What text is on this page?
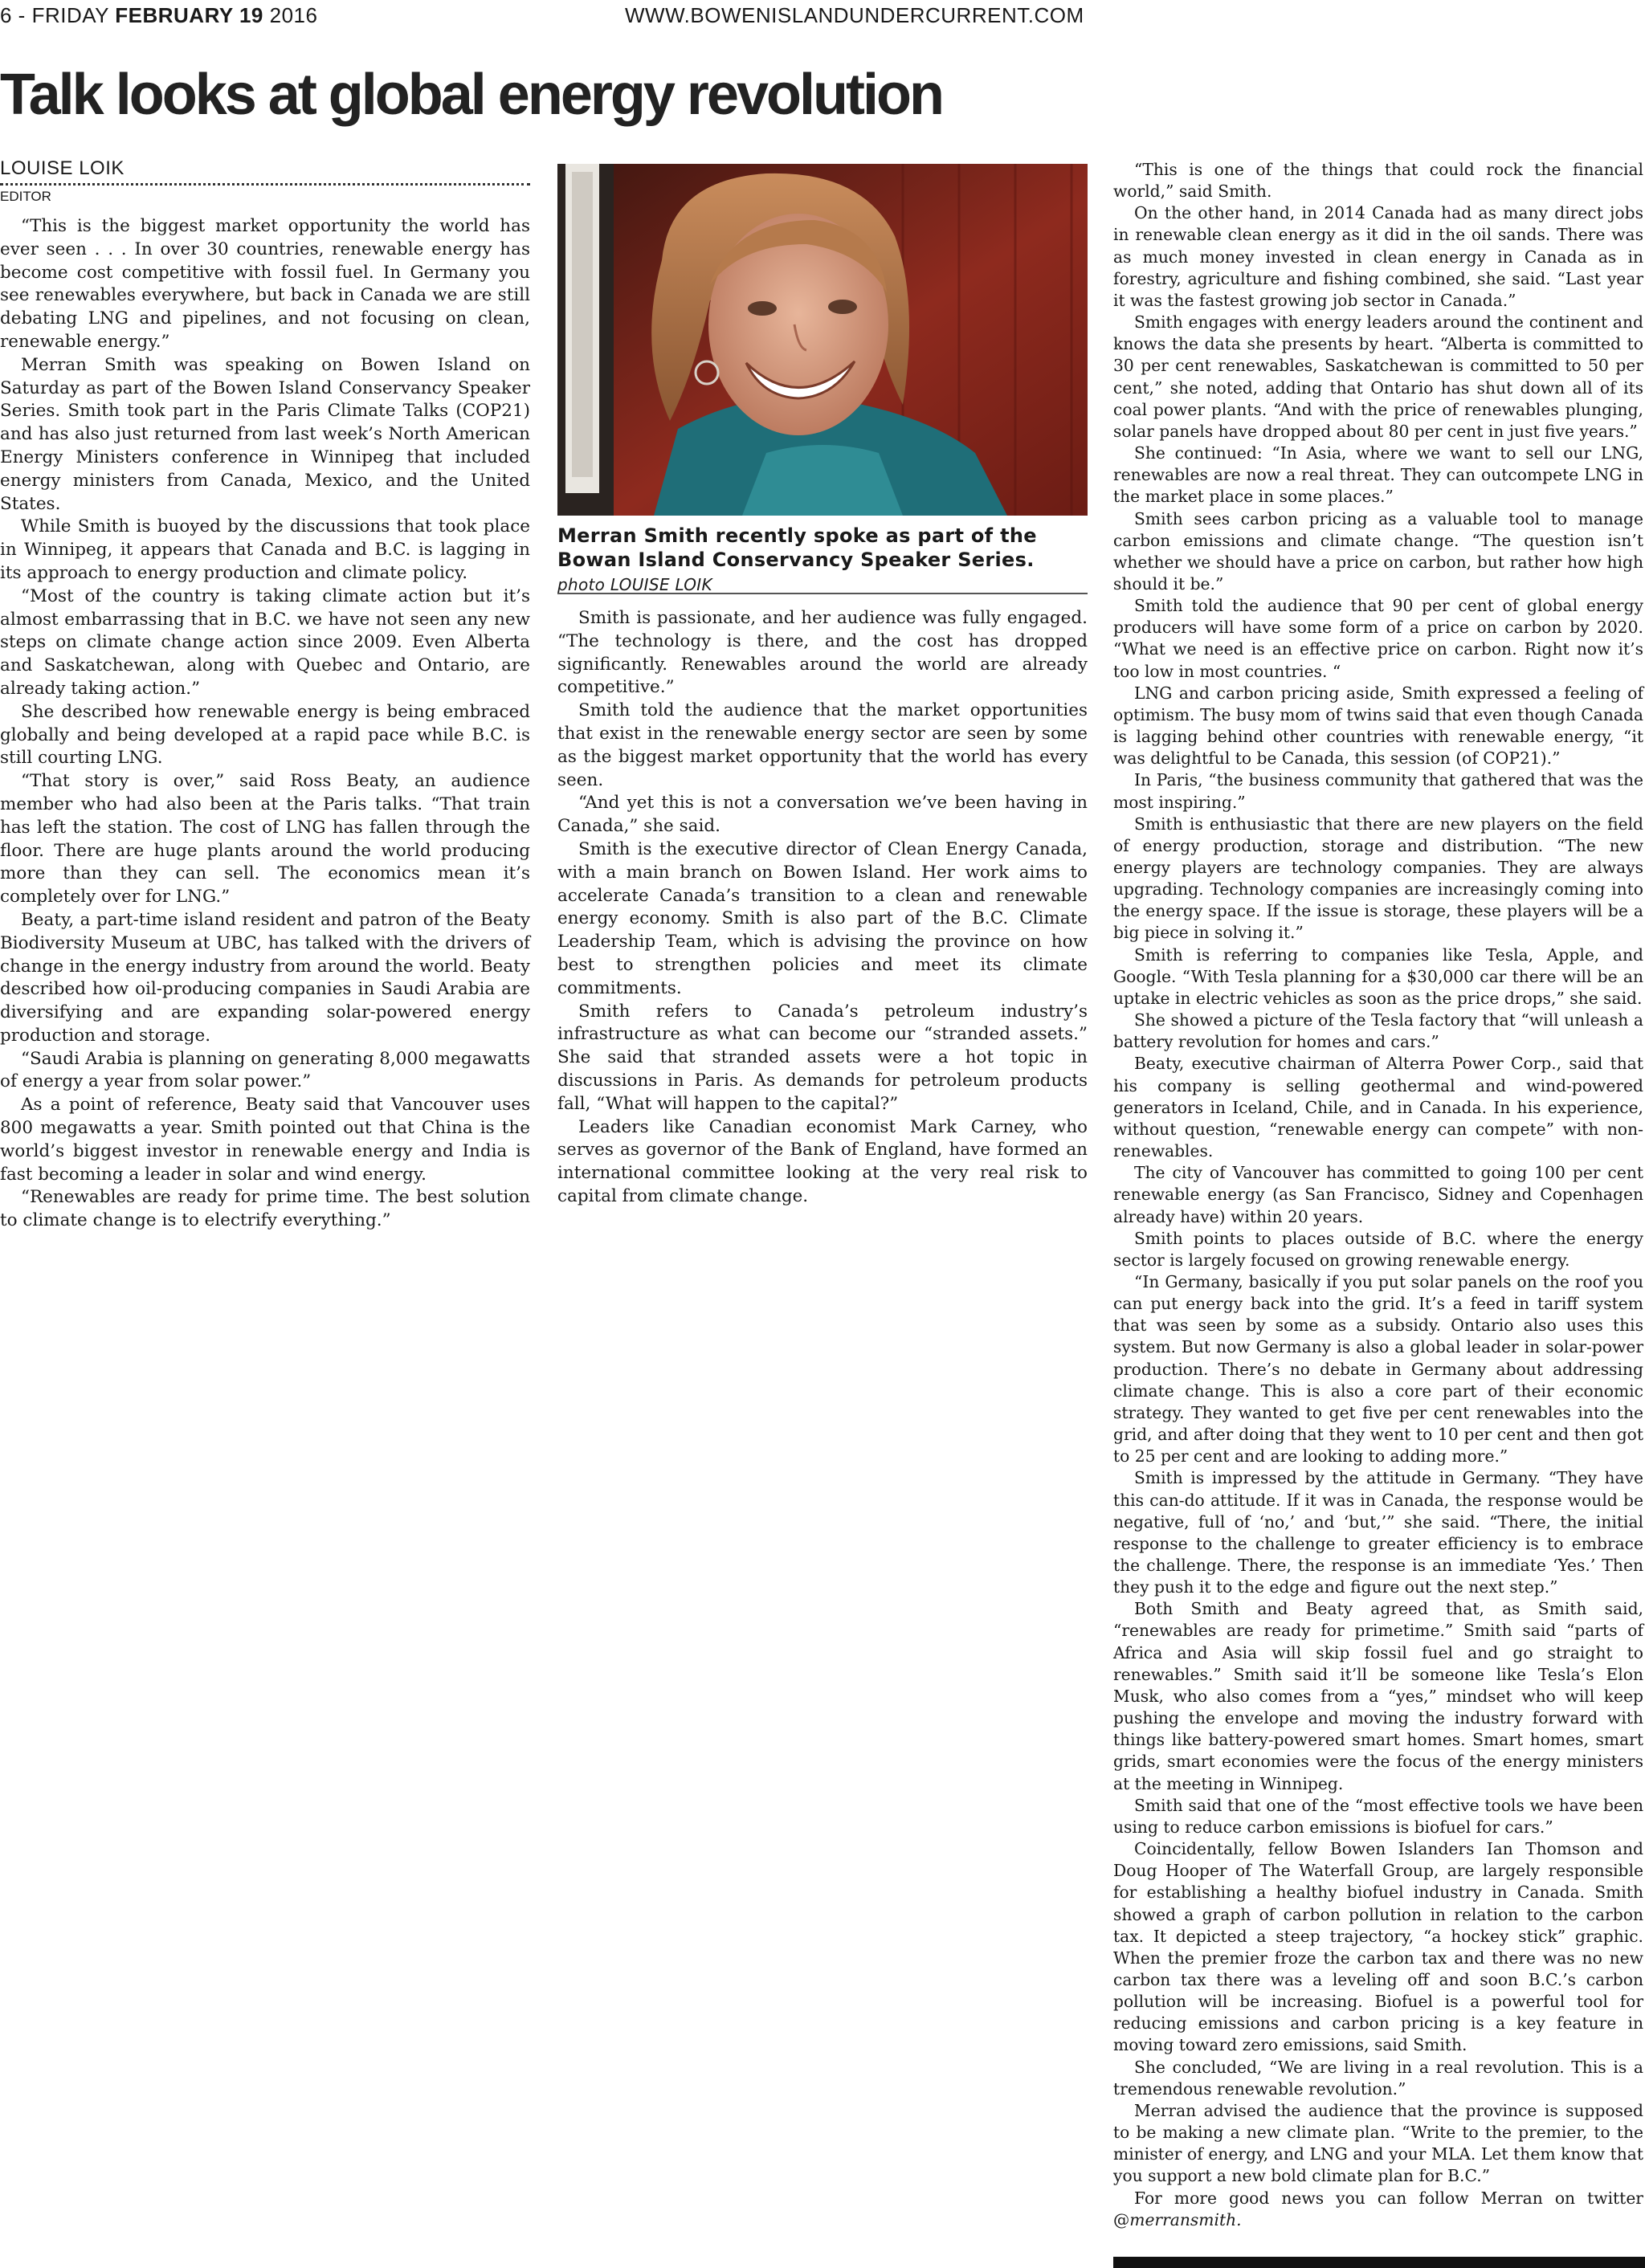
6 - FRIDAY FEBRUARY 19 2016	WWW.BOWENISLANDUNDERCURRENT.COM
Talk looks at global energy revolution
LOUISE LOIK
EDITOR

“This is the biggest market opportunity the world has ever seen . . . In over 30 countries, renewable energy has become cost competitive with fossil fuel. In Germany you see renewables everywhere, but back in Canada we are still debating LNG and pipelines, and not focusing on clean, renewable energy.”

Merran Smith was speaking on Bowen Island on Saturday as part of the Bowen Island Conservancy Speaker Series. Smith took part in the Paris Climate Talks (COP21) and has also just returned from last week’s North American Energy Ministers conference in Winnipeg that included energy ministers from Canada, Mexico, and the United States.

While Smith is buoyed by the discussions that took place in Winnipeg, it appears that Canada and B.C. is lagging in its approach to energy production and climate policy.

“Most of the country is taking climate action but it’s almost embarrassing that in B.C. we have not seen any new steps on climate change action since 2009. Even Alberta and Saskatchewan, along with Quebec and Ontario, are already taking action.”

She described how renewable energy is being embraced globally and being developed at a rapid pace while B.C. is still courting LNG.

“That story is over,” said Ross Beaty, an audience member who had also been at the Paris talks. “That train has left the station. The cost of LNG has fallen through the floor. There are huge plants around the world producing more than they can sell. The economics mean it’s completely over for LNG.”

Beaty, a part-time island resident and patron of the Beaty Biodiversity Museum at UBC, has talked with the drivers of change in the energy industry from around the world. Beaty described how oil-producing companies in Saudi Arabia are diversifying and are expanding solar-powered energy production and storage.

“Saudi Arabia is planning on generating 8,000 megawatts of energy a year from solar power.”

As a point of reference, Beaty said that Vancouver uses 800 megawatts a year. Smith pointed out that China is the world’s biggest investor in renewable energy and India is fast becoming a leader in solar and wind energy.

“Renewables are ready for prime time. The best solution to climate change is to electrify everything.”

Merran Smith recently spoke as part of the Bowan Island Conservancy Speaker Series. photo LOUISE LOIK

Smith is passionate, and her audience was fully engaged. “The technology is there, and the cost has dropped significantly. Renewables around the world are already competitive.”

Smith told the audience that the market opportunities that exist in the renewable energy sector are seen by some as the biggest market opportunity that the world has every seen.

“And yet this is not a conversation we’ve been having in Canada,” she said.

Smith is the executive director of Clean Energy Canada, with a main branch on Bowen Island. Her work aims to accelerate Canada’s transition to a clean and renewable energy economy. Smith is also part of the B.C. Climate Leadership Team, which is advising the province on how best to strengthen policies and meet its climate commitments.

Smith refers to Canada’s petroleum industry’s infrastructure as what can become our “stranded assets.” She said that stranded assets were a hot topic in discussions in Paris. As demands for petroleum products fall, “What will happen to the capital?”

Leaders like Canadian economist Mark Carney, who serves as governor of the Bank of England, have formed an international committee looking at the very real risk to capital from climate change.

“This is one of the things that could rock the financial world,” said Smith.

On the other hand, in 2014 Canada had as many direct jobs in renewable clean energy as it did in the oil sands. There was as much money invested in clean energy in Canada as in forestry, agriculture and fishing combined, she said. “Last year it was the fastest growing job sector in Canada.”

Smith engages with energy leaders around the continent and knows the data she presents by heart. “Alberta is committed to 30 per cent renewables, Saskatchewan is committed to 50 per cent,” she noted, adding that Ontario has shut down all of its coal power plants. “And with the price of renewables plunging, solar panels have dropped about 80 per cent in just five years.”

She continued: “In Asia, where we want to sell our LNG, renewables are now a real threat. They can outcompete LNG in the market place in some places.”

Smith sees carbon pricing as a valuable tool to manage carbon emissions and climate change. “The question isn’t whether we should have a price on carbon, but rather how high should it be.”

Smith told the audience that 90 per cent of global energy producers will have some form of a price on carbon by 2020. “What we need is an effective price on carbon. Right now it’s too low in most countries. “

LNG and carbon pricing aside, Smith expressed a feeling of optimism. The busy mom of twins said that even though Canada is lagging behind other countries with renewable energy, “it was delightful to be Canada, this session (of COP21).”

In Paris, “the business community that gathered that was the most inspiring.”

Smith is enthusiastic that there are new players on the field of energy production, storage and distribution. “The new energy players are technology companies. They are always upgrading. Technology companies are increasingly coming into the energy space. If the issue is storage, these players will be a big piece in solving it.”

Smith is referring to companies like Tesla, Apple, and Google. “With Tesla planning for a $30,000 car there will be an uptake in electric vehicles as soon as the price drops,” she said.

She showed a picture of the Tesla factory that “will unleash a battery revolution for homes and cars.”

Beaty, executive chairman of Alterra Power Corp., said that his company is selling geothermal and wind-powered generators in Iceland, Chile, and in Canada. In his experience, without question, “renewable energy can compete” with non-renewables.

The city of Vancouver has committed to going 100 per cent renewable energy (as San Francisco, Sidney and Copenhagen already have) within 20 years.

Smith points to places outside of B.C. where the energy sector is largely focused on growing renewable energy.

“In Germany, basically if you put solar panels on the roof you can put energy back into the grid. It’s a feed in tariff system that was seen by some as a subsidy. Ontario also uses this system. But now Germany is also a global leader in solar-power production. There’s no debate in Germany about addressing climate change. This is also a core part of their economic strategy. They wanted to get five per cent renewables into the grid, and after doing that they went to 10 per cent and then got to 25 per cent and are looking to adding more.”

Smith is impressed by the attitude in Germany. “They have this can-do attitude. If it was in Canada, the response would be negative, full of ‘no,’ and ‘but,’” she said. “There, the initial response to the challenge to greater efficiency is to embrace the challenge. There, the response is an immediate ‘Yes.’ Then they push it to the edge and figure out the next step.”

Both Smith and Beaty agreed that, as Smith said, “renewables are ready for primetime.” Smith said “parts of Africa and Asia will skip fossil fuel and go straight to renewables.” Smith said it’ll be someone like Tesla’s Elon Musk, who also comes from a “yes,” mindset who will keep pushing the envelope and moving the industry forward with things like battery-powered smart homes. Smart homes, smart grids, smart economies were the focus of the energy ministers at the meeting in Winnipeg.

Smith said that one of the “most effective tools we have been using to reduce carbon emissions is biofuel for cars.”

Coincidentally, fellow Bowen Islanders Ian Thomson and Doug Hooper of The Waterfall Group, are largely responsible for establishing a healthy biofuel industry in Canada. Smith showed a graph of carbon pollution in relation to the carbon tax. It depicted a steep trajectory, “a hockey stick” graphic. When the premier froze the carbon tax and there was no new carbon tax there was a leveling off and soon B.C.’s carbon pollution will be increasing. Biofuel is a powerful tool for reducing emissions and carbon pricing is a key feature in moving toward zero emissions, said Smith.

She concluded, “We are living in a real revolution. This is a tremendous renewable revolution.”

Merran advised the audience that the province is supposed to be making a new climate plan. “Write to the premier, to the minister of energy, and LNG and your MLA. Let them know that you support a new bold climate plan for B.C.”

For more good news you can follow Merran on twitter @merransmith.
